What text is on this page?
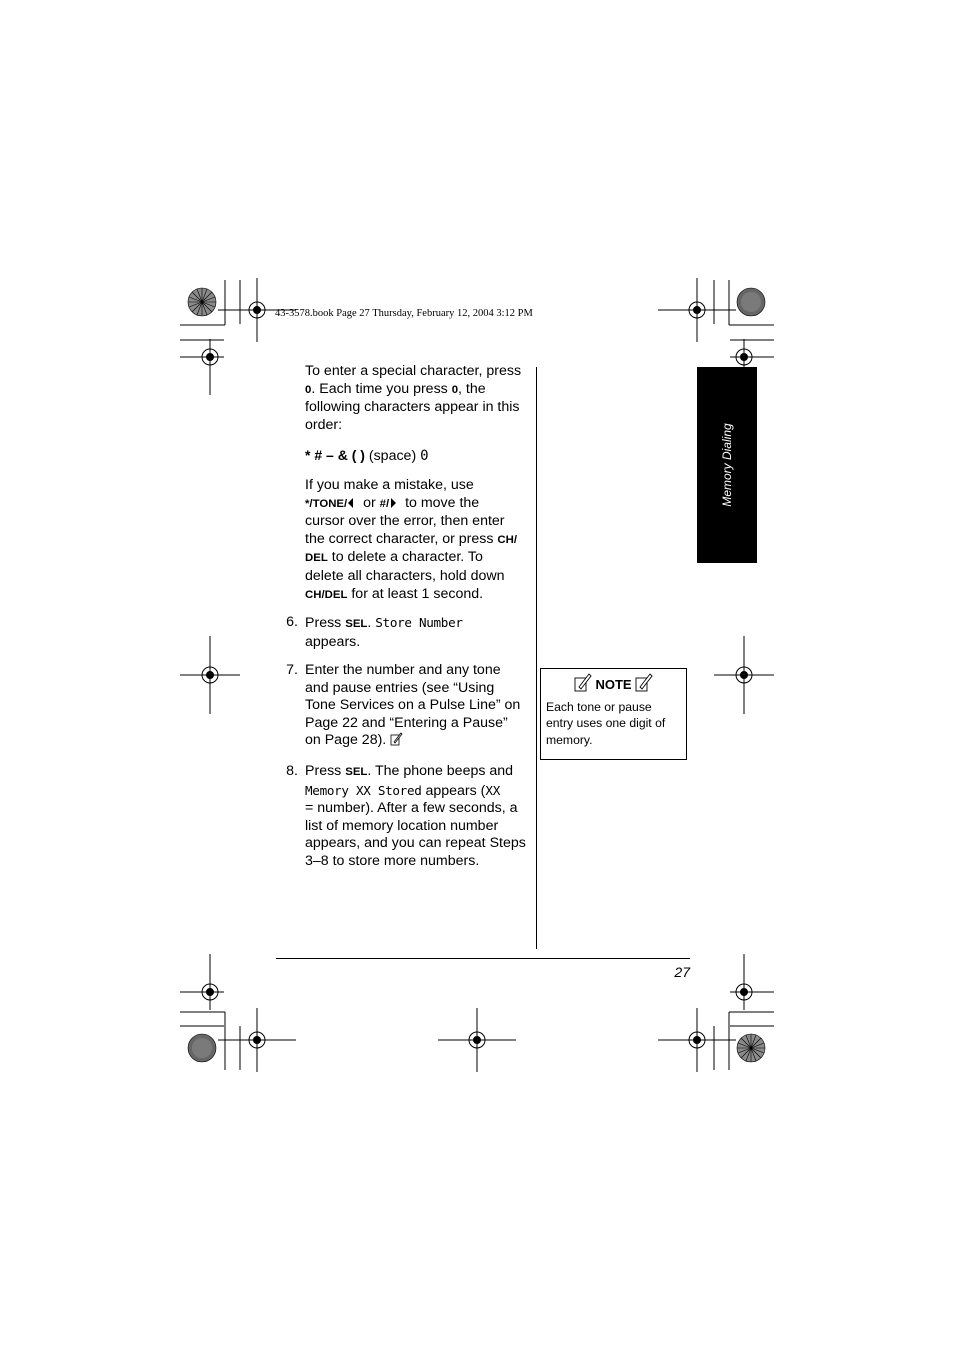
43-3578.book Page 27 Thursday, February 12, 2004 3:12 PM
Memory Dialing
To enter a special character, press
0. Each time you press 0, the
following characters appear in this
order:
* # – & ( ) (space) 0
If you make a mistake, use
*/TONE/ or #/ to move the
cursor over the error, then enter
the correct character, or press CH/
DEL to delete a character. To
delete all characters, hold down
CH/DEL for at least 1 second.
6. Press SEL. Store Number
appears.
7. Enter the number and any tone
and pause entries (see “Using
Tone Services on a Pulse Line” on
Page 22 and “Entering a Pause”
on Page 28).
8. Press SEL. The phone beeps and
Memory XX Stored appears (XX
= number). After a few seconds, a
list of memory location number
appears, and you can repeat Steps
3–8 to store more numbers.
NOTE
Each tone or pause
entry uses one digit of
memory.
27
